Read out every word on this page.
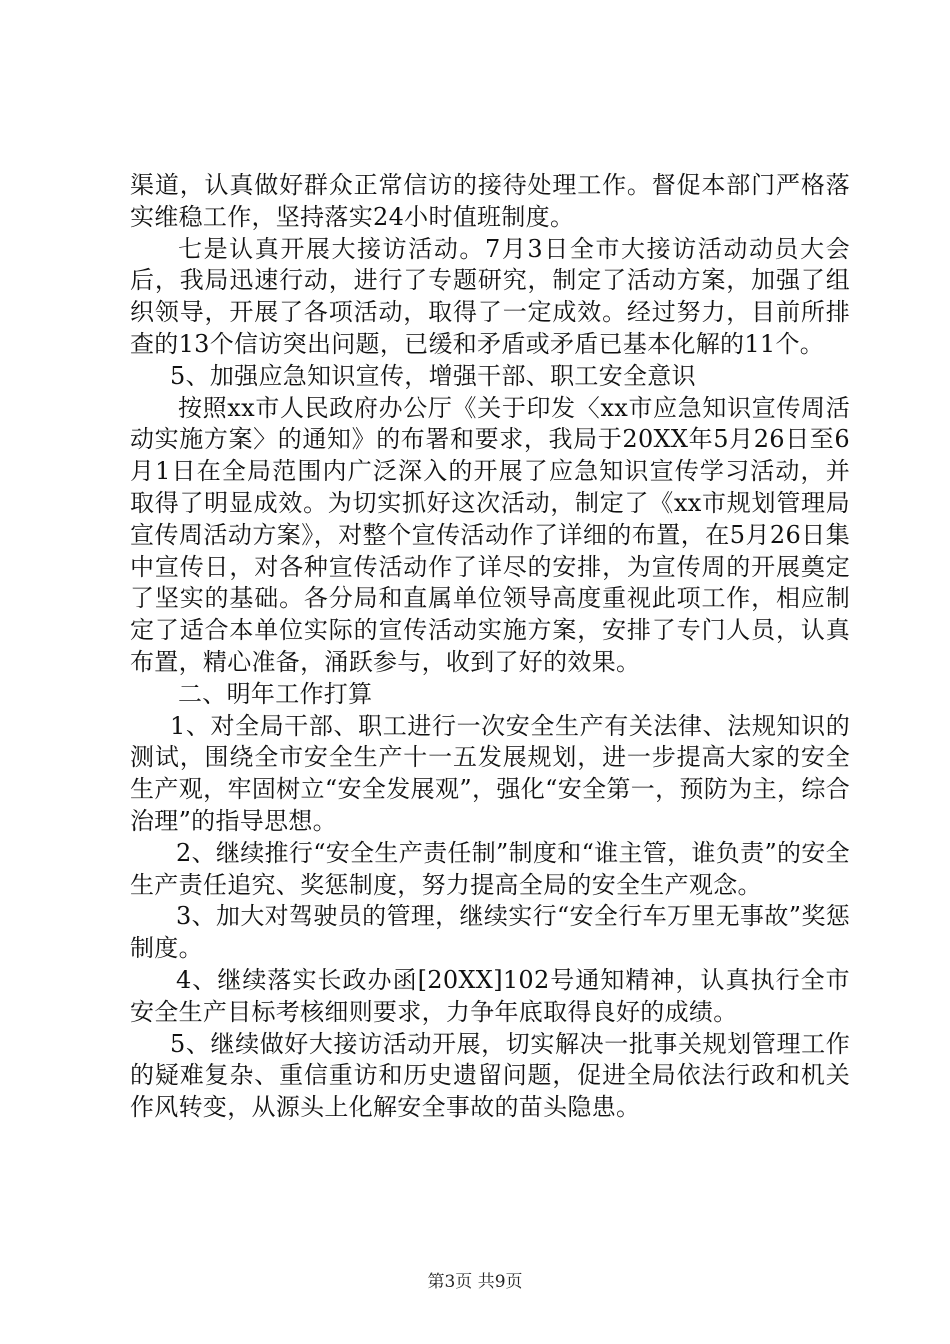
渠道，认真做好群众正常信访的接待处理工作。督促本部门严格落实维稳工作，坚持落实24小时值班制度。

七是认真开展大接访活动。7月3日全市大接访活动动员大会后，我局迅速行动，进行了专题研究，制定了活动方案，加强了组织领导，开展了各项活动，取得了一定成效。经过努力，目前所排查的13个信访突出问题，已缓和矛盾或矛盾已基本化解的11个。

5、加强应急知识宣传，增强干部、职工安全意识

按照xx市人民政府办公厅《关于印发〈xx市应急知识宣传周活动实施方案〉的通知》的布署和要求，我局于20XX年5月26日至6月1日在全局范围内广泛深入的开展了应急知识宣传学习活动，并取得了明显成效。为切实抓好这次活动，制定了《xx市规划管理局宣传周活动方案》，对整个宣传活动作了详细的布置，在5月26日集中宣传日，对各种宣传活动作了详尽的安排，为宣传周的开展奠定了坚实的基础。各分局和直属单位领导高度重视此项工作，相应制定了适合本单位实际的宣传活动实施方案，安排了专门人员，认真布置，精心准备，涌跃参与，收到了好的效果。

二、明年工作打算

1、对全局干部、职工进行一次安全生产有关法律、法规知识的测试，围绕全市安全生产十一五发展规划，进一步提高大家的安全生产观，牢固树立“安全发展观”，强化“安全第一，预防为主，综合治理”的指导思想。

2、继续推行“安全生产责任制”制度和“谁主管，谁负责”的安全生产责任追究、奖惩制度，努力提高全局的安全生产观念。

3、加大对驾驶员的管理，继续实行“安全行车万里无事故”奖惩制度。

4、继续落实长政办函[20XX]102号通知精神，认真执行全市安全生产目标考核细则要求，力争年底取得良好的成绩。

5、继续做好大接访活动开展，切实解决一批事关规划管理工作的疑难复杂、重信重访和历史遗留问题，促进全局依法行政和机关作风转变，从源头上化解安全事故的苗头隐患。

第3页 共9页
